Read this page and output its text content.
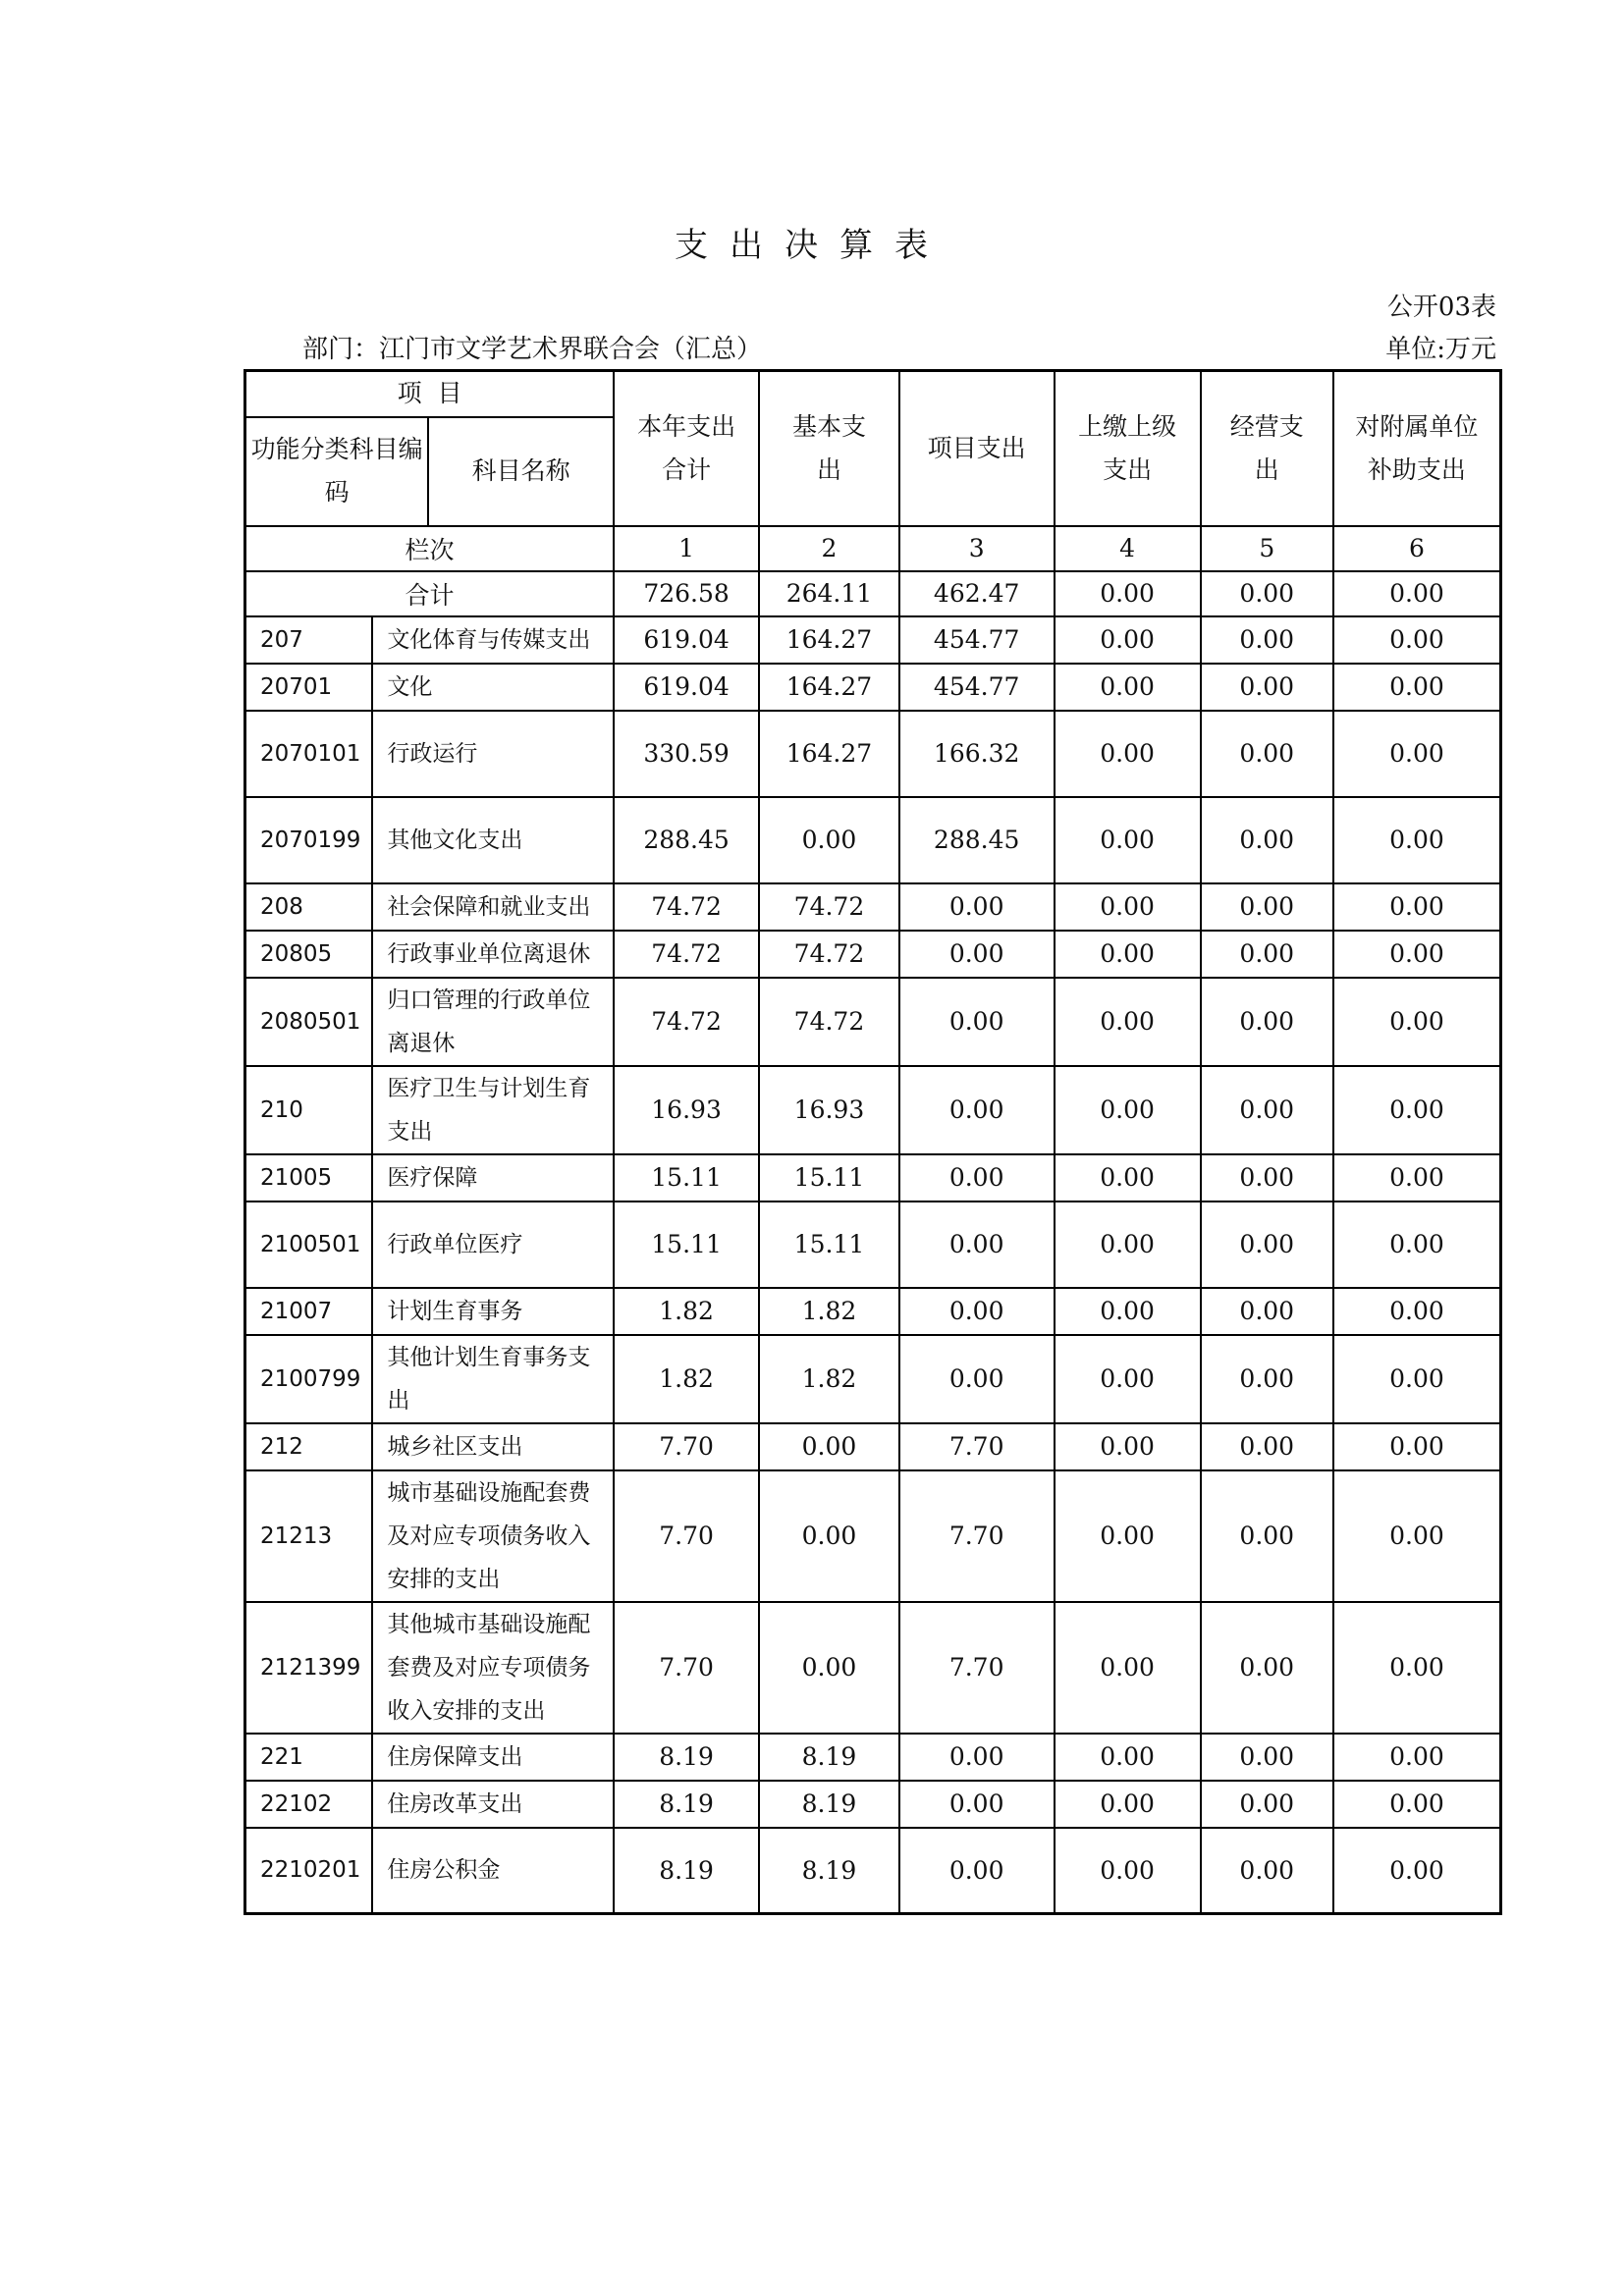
支出决算表
公开03表
部门：江门市文学艺术界联合会（汇总）	单位:万元
项  目			本年支出合计	基本支出	项目支出	上缴上级支出	经营支出	对附属单位补助支出
功能分类科目编码		科目名称						
栏次			1	2	3	4	5	6
合计			726.58	264.11	462.47	0.00	0.00	0.00
207	文化体育与传媒支出		619.04	164.27	454.77	0.00	0.00	0.00
20701	文化		619.04	164.27	454.77	0.00	0.00	0.00
2070101	行政运行		330.59	164.27	166.32	0.00	0.00	0.00
2070199	其他文化支出		288.45	0.00	288.45	0.00	0.00	0.00
208	社会保障和就业支出		74.72	74.72	0.00	0.00	0.00	0.00
20805	行政事业单位离退休		74.72	74.72	0.00	0.00	0.00	0.00
2080501	归口管理的行政单位离退休		74.72	74.72	0.00	0.00	0.00	0.00
210	医疗卫生与计划生育支出		16.93	16.93	0.00	0.00	0.00	0.00
21005	医疗保障		15.11	15.11	0.00	0.00	0.00	0.00
2100501	行政单位医疗		15.11	15.11	0.00	0.00	0.00	0.00
21007	计划生育事务		1.82	1.82	0.00	0.00	0.00	0.00
2100799	其他计划生育事务支出		1.82	1.82	0.00	0.00	0.00	0.00
212	城乡社区支出		7.70	0.00	7.70	0.00	0.00	0.00
21213	城市基础设施配套费及对应专项债务收入安排的支出		7.70	0.00	7.70	0.00	0.00	0.00
2121399	其他城市基础设施配套费及对应专项债务收入安排的支出		7.70	0.00	7.70	0.00	0.00	0.00
221	住房保障支出		8.19	8.19	0.00	0.00	0.00	0.00
22102	住房改革支出		8.19	8.19	0.00	0.00	0.00	0.00
2210201	住房公积金		8.19	8.19	0.00	0.00	0.00	0.00
